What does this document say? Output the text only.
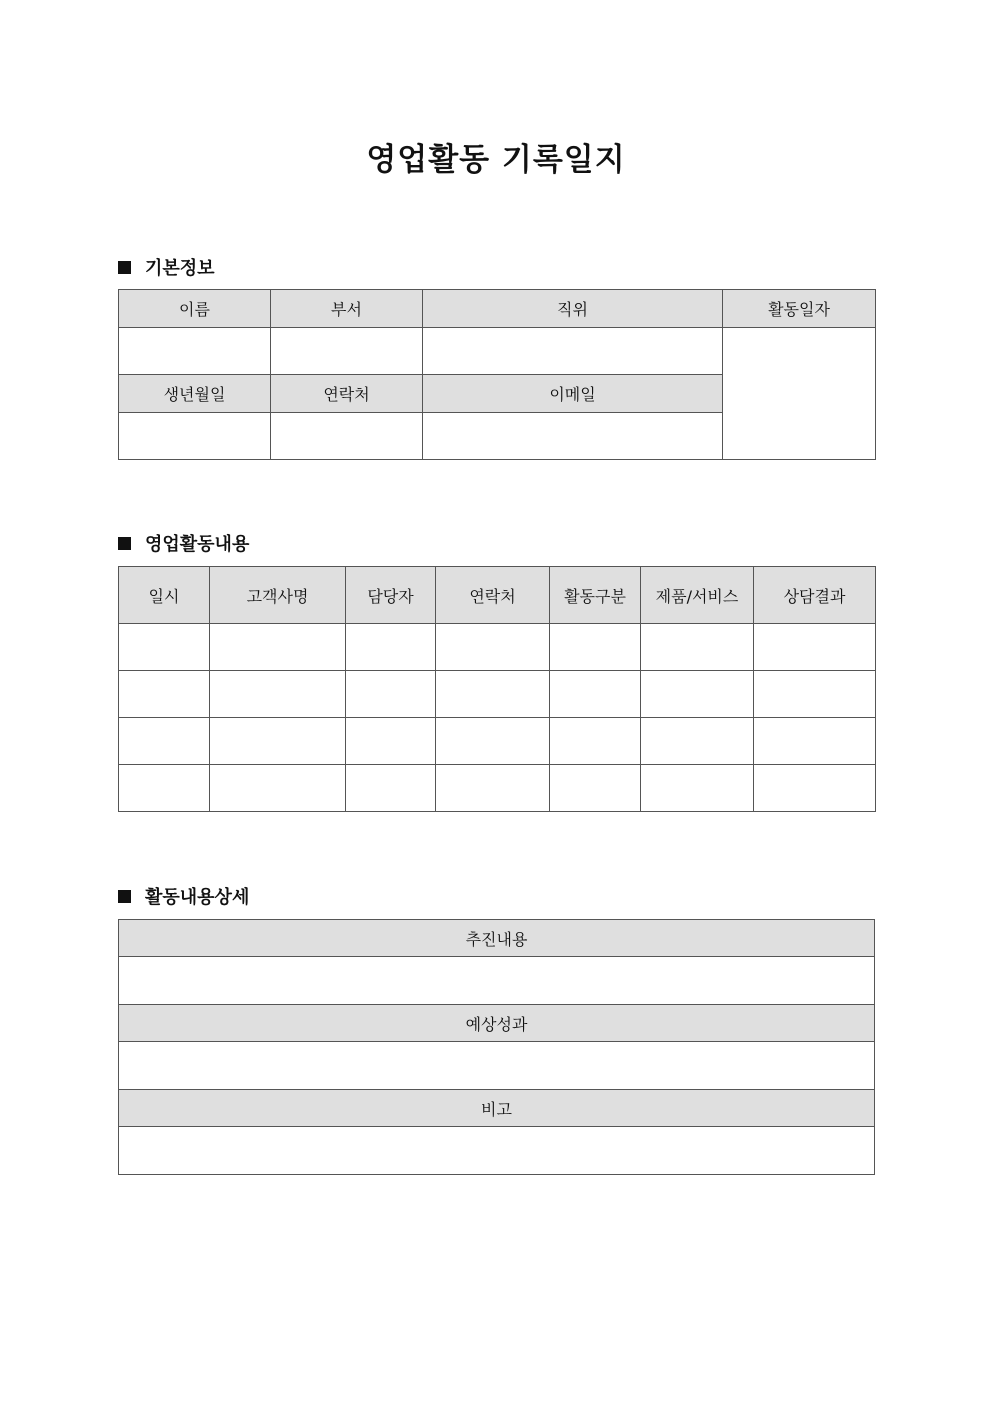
영업활동 기록일지
기본정보
이름	부서	직위	활동일자

생년월일	연락처	이메일	

영업활동내용
일시	고객사명	담당자	연락처	활동구분	제품/서비스	상담결과

활동내용상세
추진내용

예상성과

비고
